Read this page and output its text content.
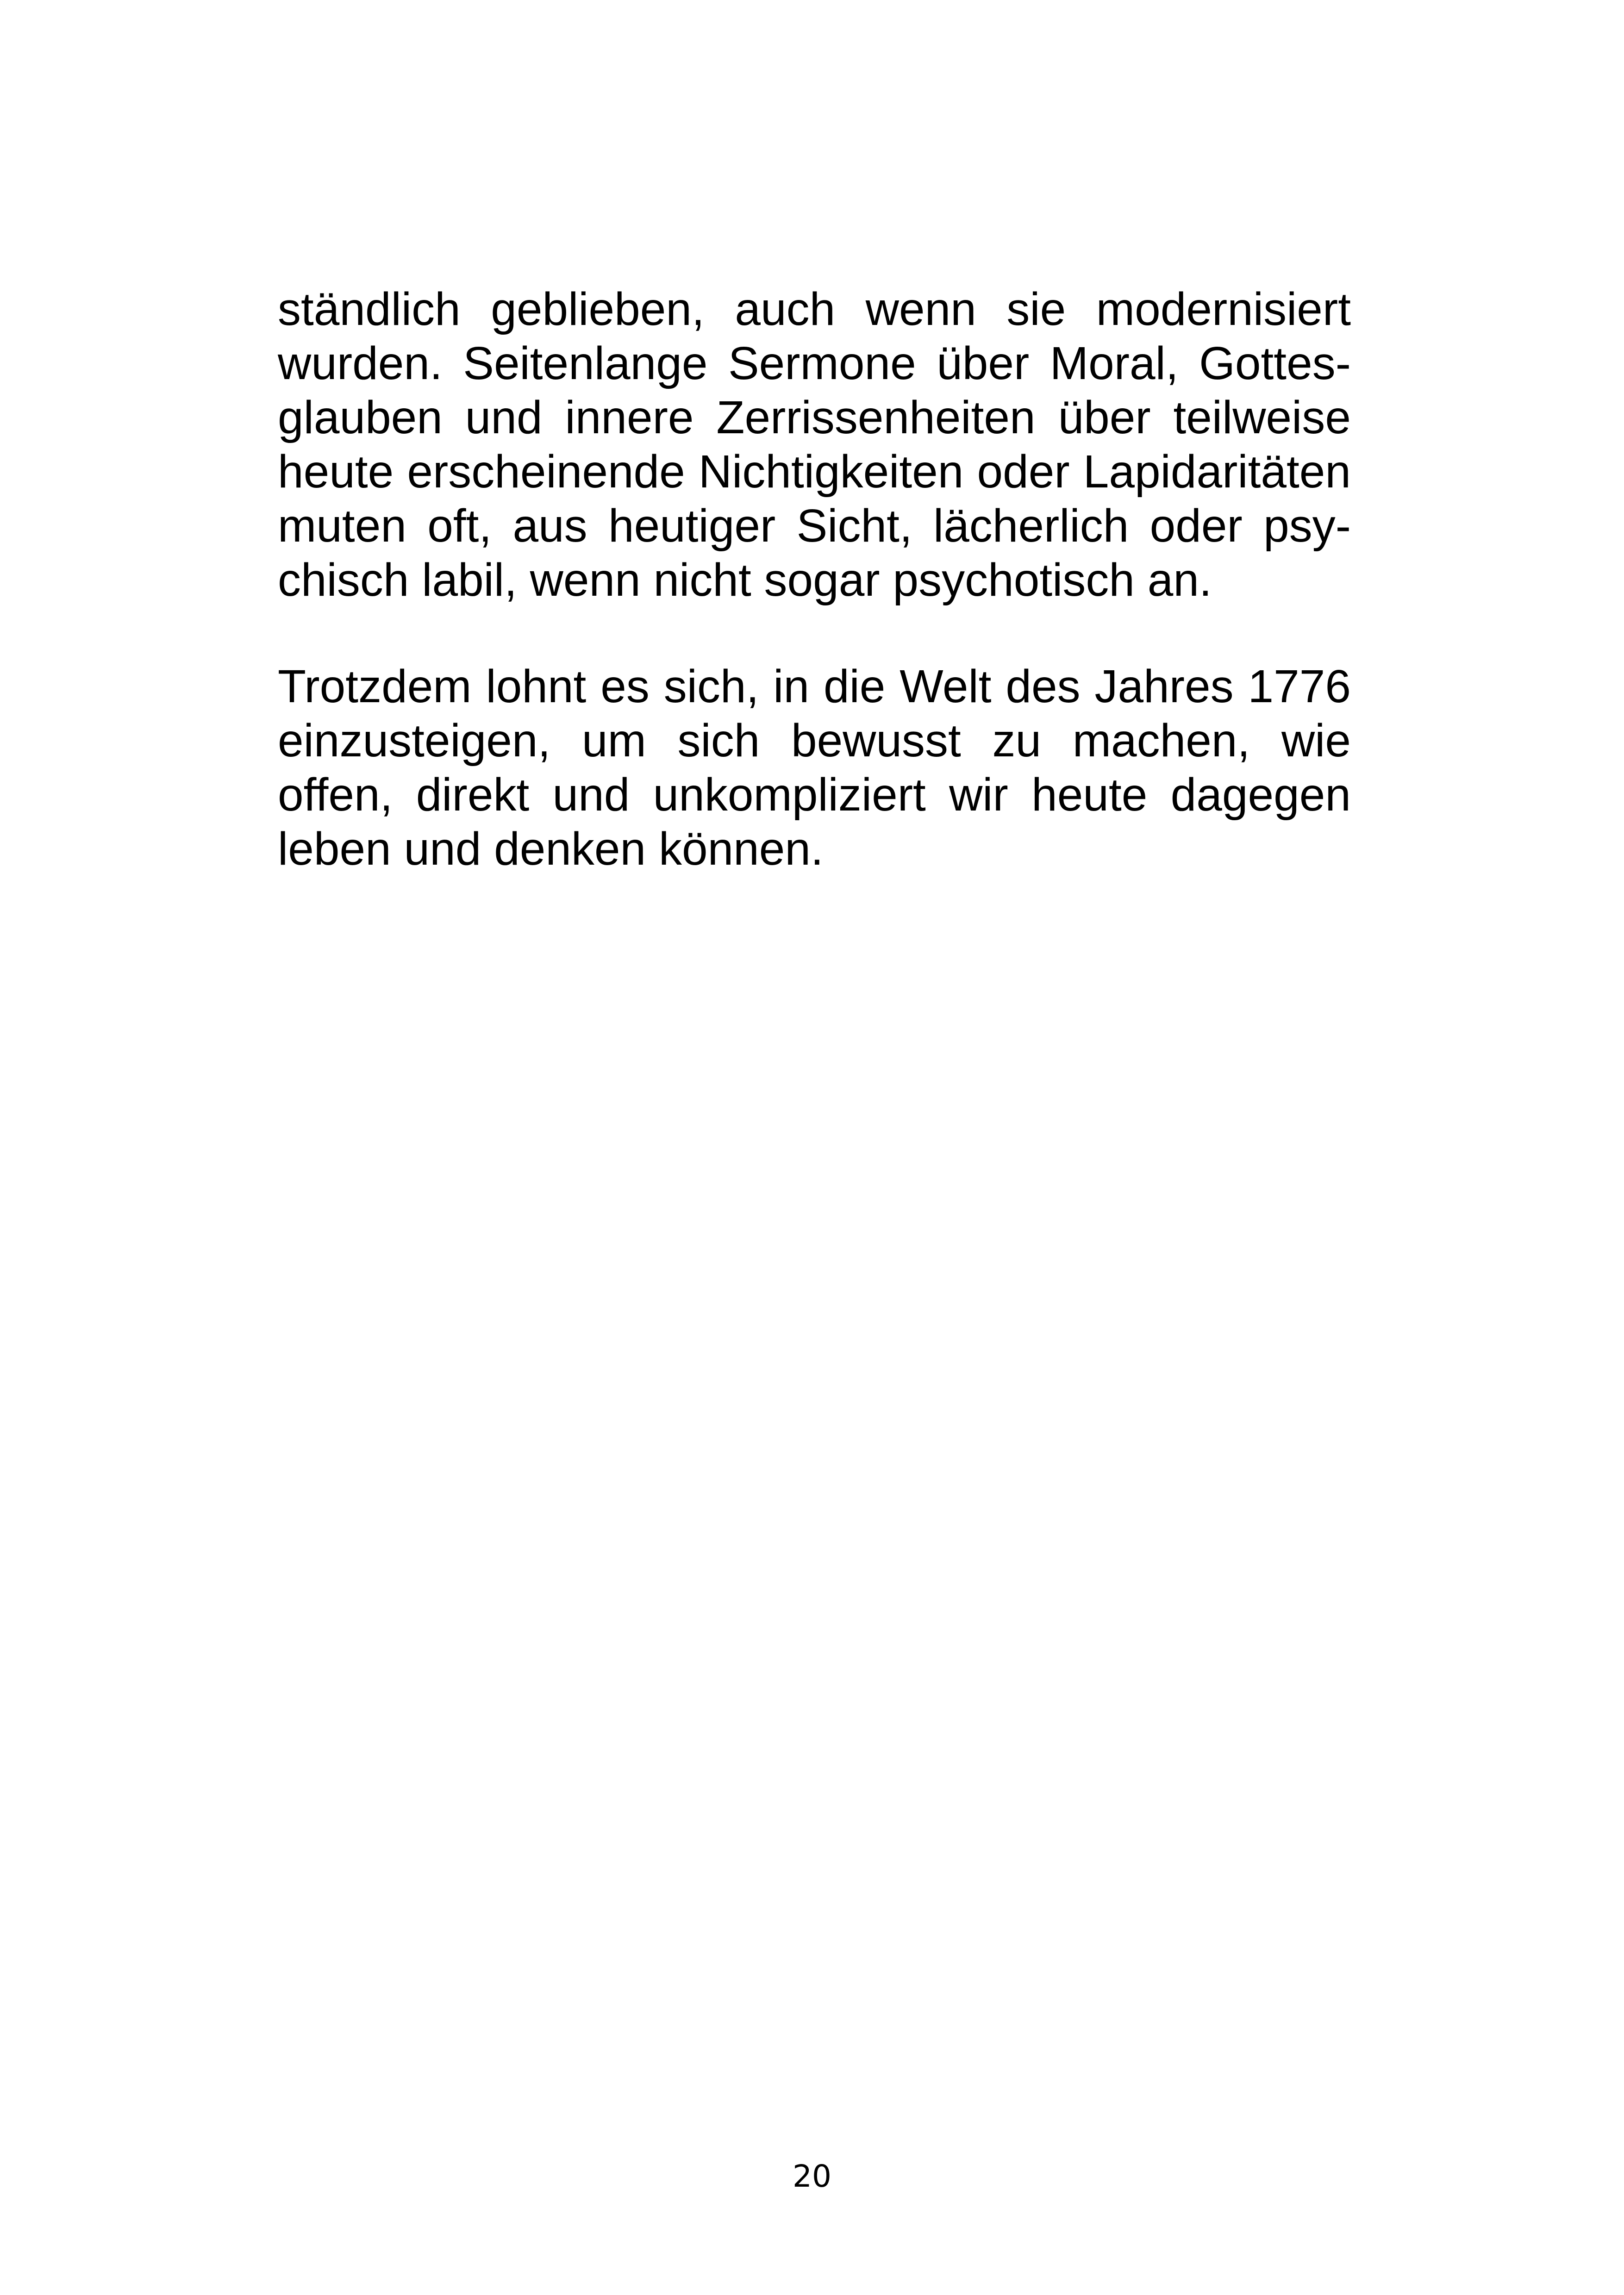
ständlich geblieben, auch wenn sie modernisiert
wurden. Seitenlange Sermone über Moral, Gottes-
glauben und innere Zerrissenheiten über teilweise
heute erscheinende Nichtigkeiten oder Lapidaritäten
muten oft, aus heutiger Sicht, lächerlich oder psy-
chisch labil, wenn nicht sogar psychotisch an.
Trotzdem lohnt es sich, in die Welt des Jahres 1776
einzusteigen, um sich bewusst zu machen, wie
offen, direkt und unkompliziert wir heute dagegen
leben und denken können.
20
